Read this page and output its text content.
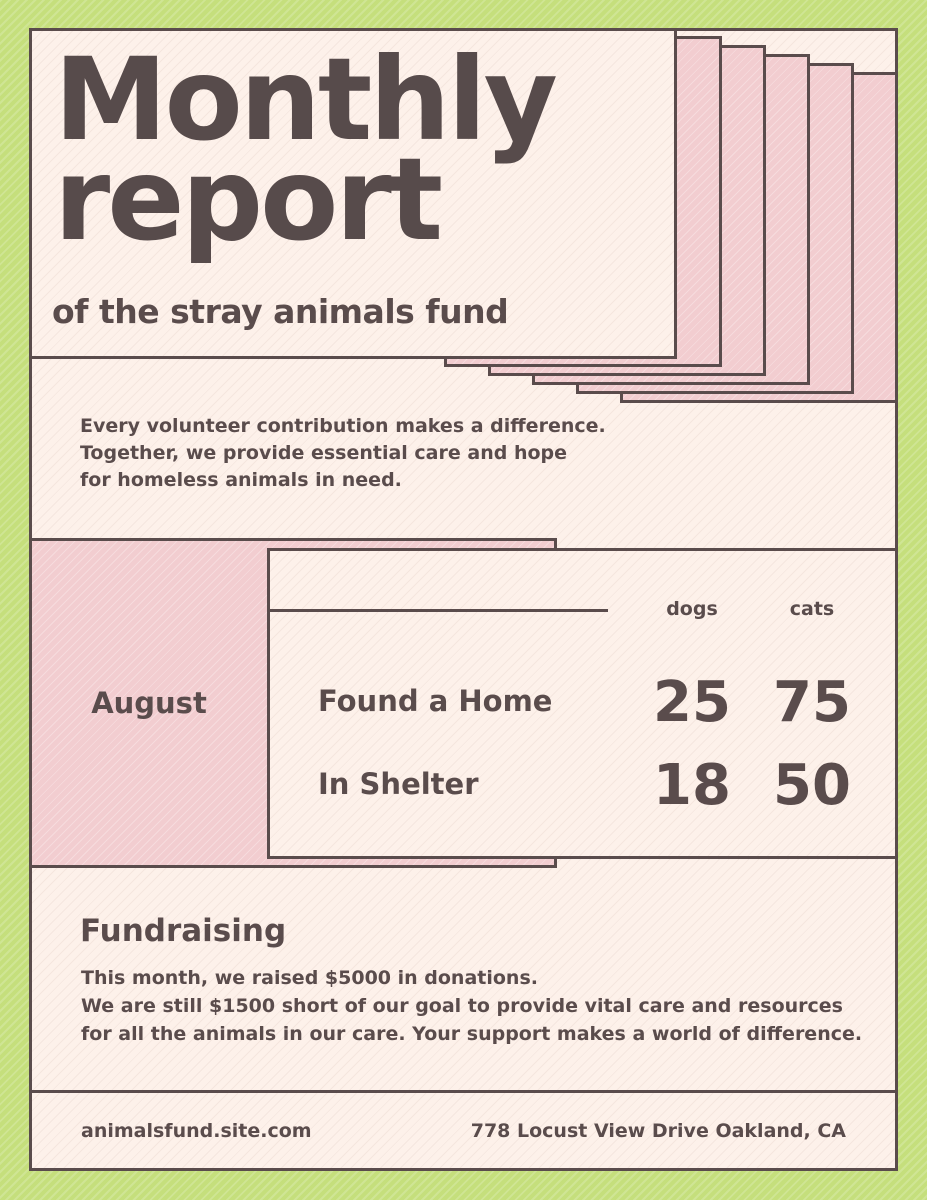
Monthly
report
of the stray animals fund
Every volunteer contribution makes a difference.
Together, we provide essential care and hope
for homeless animals in need.
August
dogs	cats
Found a Home 25 75
In Shelter	18 50
Fundraising
This month, we raised $5000 in donations.
We are still $1500 short of our goal to provide vital care and resources
for all the animals in our care. Your support makes a world of difference.
animalsfund.site.com	778 Locust View Drive Oakland, CA
